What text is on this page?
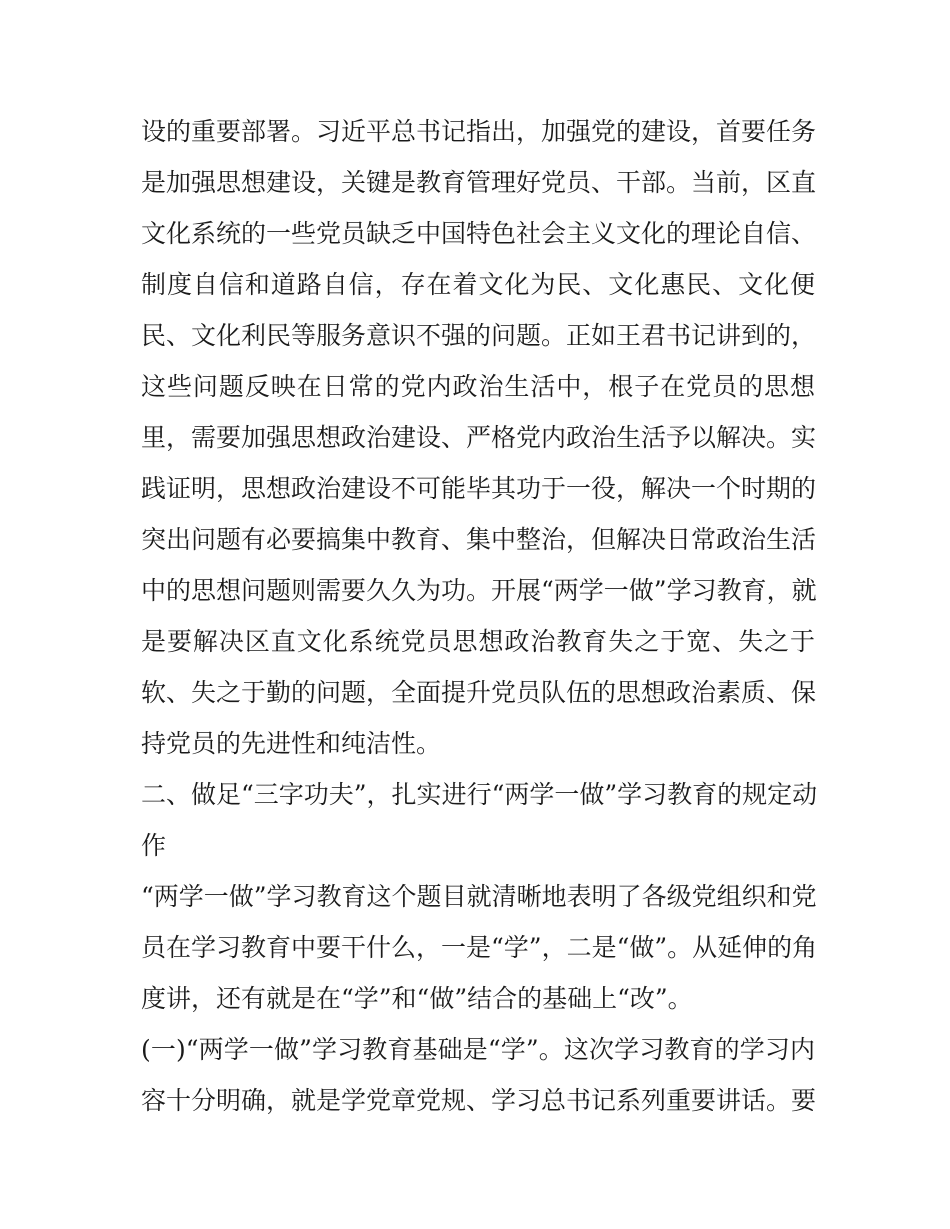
设的重要部署。习近平总书记指出，加强党的建设，首要任务
是加强思想建设，关键是教育管理好党员、干部。当前，区直
文化系统的一些党员缺乏中国特色社会主义文化的理论自信、
制度自信和道路自信，存在着文化为民、文化惠民、文化便
民、文化利民等服务意识不强的问题。正如王君书记讲到的，
这些问题反映在日常的党内政治生活中，根子在党员的思想
里，需要加强思想政治建设、严格党内政治生活予以解决。实
践证明，思想政治建设不可能毕其功于一役，解决一个时期的
突出问题有必要搞集中教育、集中整治，但解决日常政治生活
中的思想问题则需要久久为功。开展“两学一做”学习教育，就
是要解决区直文化系统党员思想政治教育失之于宽、失之于
软、失之于勤的问题，全面提升党员队伍的思想政治素质、保
持党员的先进性和纯洁性。
二、做足“三字功夫”，扎实进行“两学一做”学习教育的规定动
作
“两学一做”学习教育这个题目就清晰地表明了各级党组织和党
员在学习教育中要干什么，一是“学”，二是“做”。从延伸的角
度讲，还有就是在“学”和“做”结合的基础上“改”。
(一)“两学一做”学习教育基础是“学”。这次学习教育的学习内
容十分明确，就是学党章党规、学习总书记系列重要讲话。要
